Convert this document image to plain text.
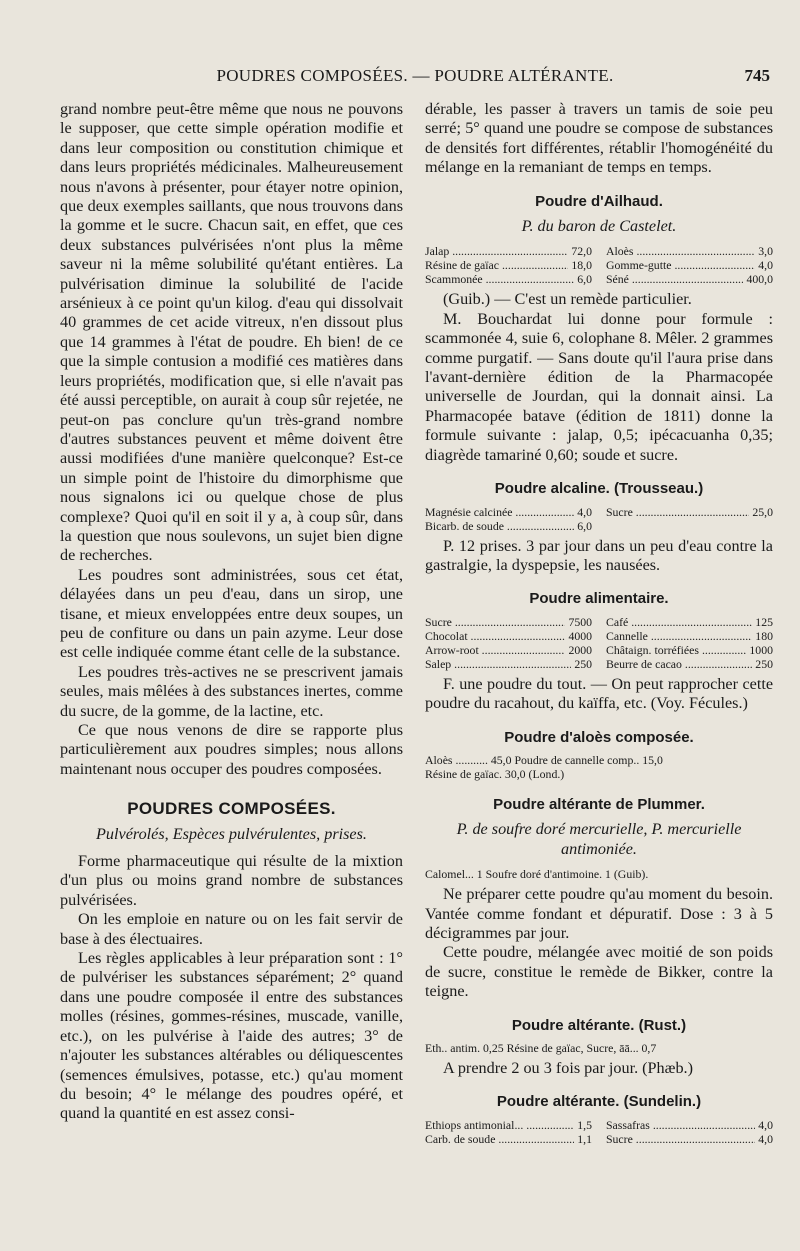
POUDRES COMPOSÉES. — POUDRE ALTÉRANTE.	745

grand nombre peut-être même que nous ne pouvons le supposer, que cette simple opération modifie et dans leur composition ou constitution chimique et dans leurs propriétés médicinales. Malheureusement nous n'avons à présenter, pour étayer notre opinion, que deux exemples saillants, que nous trouvons dans la gomme et le sucre. Chacun sait, en effet, que ces deux substances pulvérisées n'ont plus la même saveur ni la même solubilité qu'étant entières. La pulvérisation diminue la solubilité de l'acide arsénieux à ce point qu'un kilog. d'eau qui dissolvait 40 grammes de cet acide vitreux, n'en dissout plus que 14 grammes à l'état de poudre. Eh bien! de ce que la simple contusion a modifié ces matières dans leurs propriétés, modification que, si elle n'avait pas été aussi perceptible, on aurait à coup sûr rejetée, ne peut-on pas conclure qu'un très-grand nombre d'autres substances peuvent et même doivent être aussi modifiées d'une manière quelconque? Est-ce un simple point de l'histoire du dimorphisme que nous signalons ici ou quelque chose de plus complexe? Quoi qu'il en soit il y a, à coup sûr, dans la question que nous soulevons, un sujet bien digne de recherches.

Les poudres sont administrées, sous cet état, délayées dans un peu d'eau, dans un sirop, une tisane, et mieux enveloppées entre deux soupes, un peu de confiture ou dans un pain azyme. Leur dose est celle indiquée comme étant celle de la substance.

Les poudres très-actives ne se prescrivent jamais seules, mais mêlées à des substances inertes, comme du sucre, de la gomme, de la lactine, etc.

Ce que nous venons de dire se rapporte plus particulièrement aux poudres simples; nous allons maintenant nous occuper des poudres composées.

POUDRES COMPOSÉES.
Pulvérolés, Espèces pulvérulentes, prises.

Forme pharmaceutique qui résulte de la mixtion d'un plus ou moins grand nombre de substances pulvérisées.

On les emploie en nature ou on les fait servir de base à des électuaires.

Les règles applicables à leur préparation sont : 1° de pulvériser les substances séparément; 2° quand dans une poudre composée il entre des substances molles (résines, gommes-résines, muscade, vanille, etc.), on les pulvérise à l'aide des autres; 3° de n'ajouter les substances altérables ou déliquescentes (semences émulsives, potasse, etc.) qu'au moment du besoin; 4° le mélange des poudres opéré, et quand la quantité en est assez consi-

dérable, les passer à travers un tamis de soie peu serré; 5° quand une poudre se compose de substances de densités fort différentes, rétablir l'homogénéité du mélange en la remaniant de temps en temps.

Poudre d'Ailhaud.
P. du baron de Castelet.
Jalap .....	72,0 Aloès .....	3,0
Résine de gaïac .....	18,0 Gomme-gutte .....	4,0
Scammonée .....	6,0 Séné .....	400,0

(Guib.) — C'est un remède particulier.

M. Bouchardat lui donne pour formule : scammonée 4, suie 6, colophane 8. Mêler. 2 grammes comme purgatif. — Sans doute qu'il l'aura prise dans l'avant-dernière édition de la Pharmacopée universelle de Jourdan, qui la donnait ainsi. La Pharmacopée batave (édition de 1811) donne la formule suivante : jalap, 0,5; ipécacuanha 0,35; diagrède tamariné 0,60; soude et sucre.

Poudre alcaline. (Trousseau.)
Magnésie calcinée .....	4,0 Sucre .....	25,0
Bicarb. de soude .....	6,0

P. 12 prises. 3 par jour dans un peu d'eau contre la gastralgie, la dyspepsie, les nausées.

Poudre alimentaire.
Sucre .....	7500 Café .....	125
Chocolat .....	4000 Cannelle .....	180
Arrow-root .....	2000 Châtaign. torréfiées .....	1000
Salep .....	250 Beurre de cacao .....	250

F. une poudre du tout. — On peut rapprocher cette poudre du racahout, du kaïffa, etc. (Voy. Fécules.)

Poudre d'aloès composée.
Aloès ........... 45,0 Poudre de cannelle comp.. 15,0
Résine de gaïac. 30,0 (Lond.)
Poudre altérante de Plummer.
P. de soufre doré mercurielle, P. mercurielle antimoniée.
Calomel... 1 Soufre doré d'antimoine. 1 (Guib).

Ne préparer cette poudre qu'au moment du besoin. Vantée comme fondant et dépuratif. Dose : 3 à 5 décigrammes par jour.

Cette poudre, mélangée avec moitié de son poids de sucre, constitue le remède de Bikker, contre la teigne.

Poudre altérante. (Rust.)
Eth.. antim. 0,25 Résine de gaïac, Sucre, āā... 0,7

A prendre 2 ou 3 fois par jour. (Phæb.)

Poudre altérante. (Sundelin.)
Ethiops antimonial... .....	1,5 Sassafras .....	4,0
Carb. de soude .....	1,1 Sucre .....	4,0
